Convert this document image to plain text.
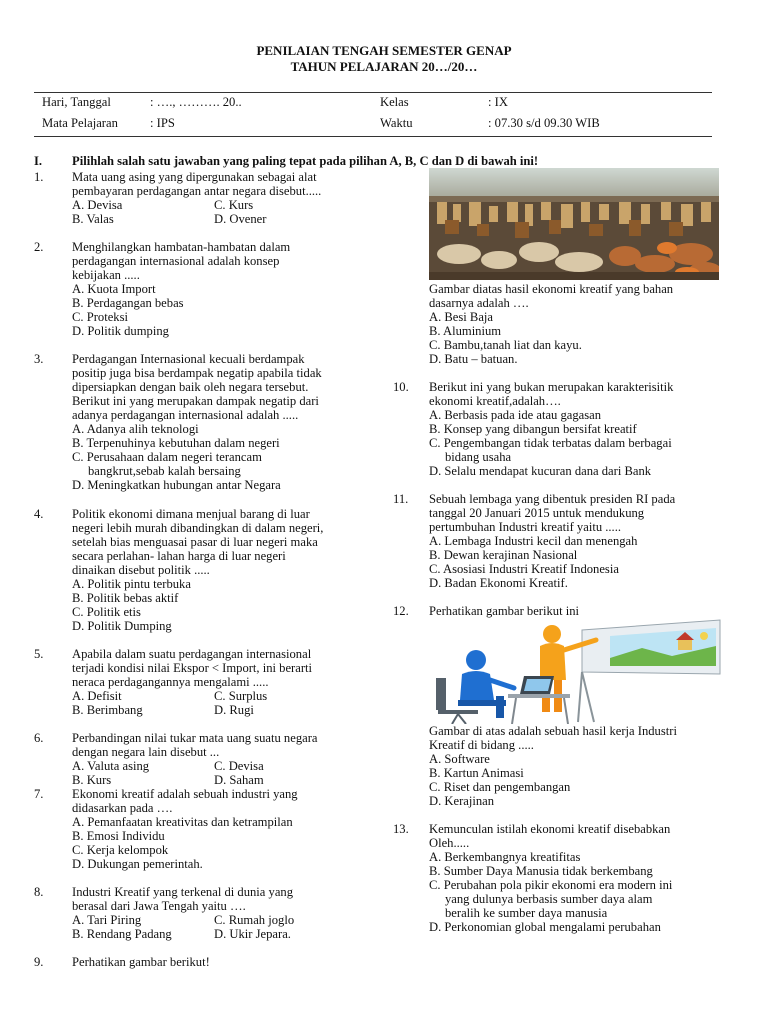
PENILAIAN TENGAH SEMESTER GENAP
TAHUN PELAJARAN 20…/20…
Hari, Tanggal	: …., ………. 20..	Kelas	: IX
Mata Pelajaran	: IPS	Waktu	: 07.30 s/d 09.30 WIB
I. Pilihlah salah satu jawaban yang paling tepat pada pilihan A, B, C dan D di bawah ini!
1. Mata uang asing yang dipergunakan sebagai alat
pembayaran perdagangan antar negara disebut.....
A. Devisa	C. Kurs
B. Valas	D. Ovener
2. Menghilangkan hambatan-hambatan dalam
perdagangan internasional adalah konsep
kebijakan .....
A. Kuota Import
B. Perdagangan bebas
C. Proteksi
D. Politik dumping
3. Perdagangan Internasional kecuali berdampak
positip juga bisa berdampak negatip apabila tidak
dipersiapkan dengan baik oleh negara tersebut.
Berikut ini yang merupakan dampak negatip dari
adanya perdagangan internasional adalah .....
A. Adanya alih teknologi
B. Terpenuhinya kebutuhan dalam negeri
C. Perusahaan dalam negeri terancam
bangkrut,sebab kalah bersaing
D. Meningkatkan hubungan antar Negara
4. Politik ekonomi dimana menjual barang di luar
negeri lebih murah dibandingkan di dalam negeri,
setelah bias menguasai pasar di luar negeri maka
secara perlahan- lahan harga di luar negeri
dinaikan disebut politik .....
A. Politik pintu terbuka
B. Politik bebas aktif
C. Politik etis
D. Politik Dumping
5. Apabila dalam suatu perdagangan internasional
terjadi kondisi nilai Ekspor < Import, ini berarti
neraca perdagangannya mengalami .....
A. Defisit	C. Surplus
B. Berimbang	D. Rugi
6. Perbandingan nilai tukar mata uang suatu negara
dengan negara lain disebut ...
A. Valuta asing	C. Devisa
B. Kurs	D. Saham
7. Ekonomi kreatif adalah sebuah industri yang
didasarkan pada ….
A. Pemanfaatan kreativitas dan ketrampilan
B. Emosi Individu
C. Kerja kelompok
D. Dukungan pemerintah.
8. Industri Kreatif yang terkenal di dunia yang
berasal dari Jawa Tengah yaitu ….
A. Tari Piring	C. Rumah joglo
B. Rendang Padang	D. Ukir Jepara.
9. Perhatikan gambar berikut!
Gambar diatas hasil ekonomi kreatif yang bahan
dasarnya adalah ….
A. Besi Baja
B. Aluminium
C. Bambu,tanah liat dan kayu.
D. Batu – batuan.
10. Berikut ini yang bukan merupakan karakterisitik
ekonomi kreatif,adalah….
A. Berbasis pada ide atau gagasan
B. Konsep yang dibangun bersifat kreatif
C. Pengembangan tidak terbatas dalam berbagai
bidang usaha
D. Selalu mendapat kucuran dana dari Bank
11. Sebuah lembaga yang dibentuk presiden RI pada
tanggal 20 Januari 2015 untuk mendukung
pertumbuhan Industri kreatif yaitu .....
A. Lembaga Industri kecil dan menengah
B. Dewan kerajinan Nasional
C. Asosiasi Industri Kreatif Indonesia
D. Badan Ekonomi Kreatif.
12. Perhatikan gambar berikut ini
Gambar di atas adalah sebuah hasil kerja Industri
Kreatif di bidang .....
A. Software
B. Kartun Animasi
C. Riset dan pengembangan
D. Kerajinan
13. Kemunculan istilah ekonomi kreatif disebabkan
Oleh.....
A. Berkembangnya kreatifitas
B. Sumber Daya Manusia tidak berkembang
C. Perubahan pola pikir ekonomi era modern ini
yang dulunya berbasis sumber daya alam
beralih ke sumber daya manusia
D. Perkonomian global mengalami perubahan
